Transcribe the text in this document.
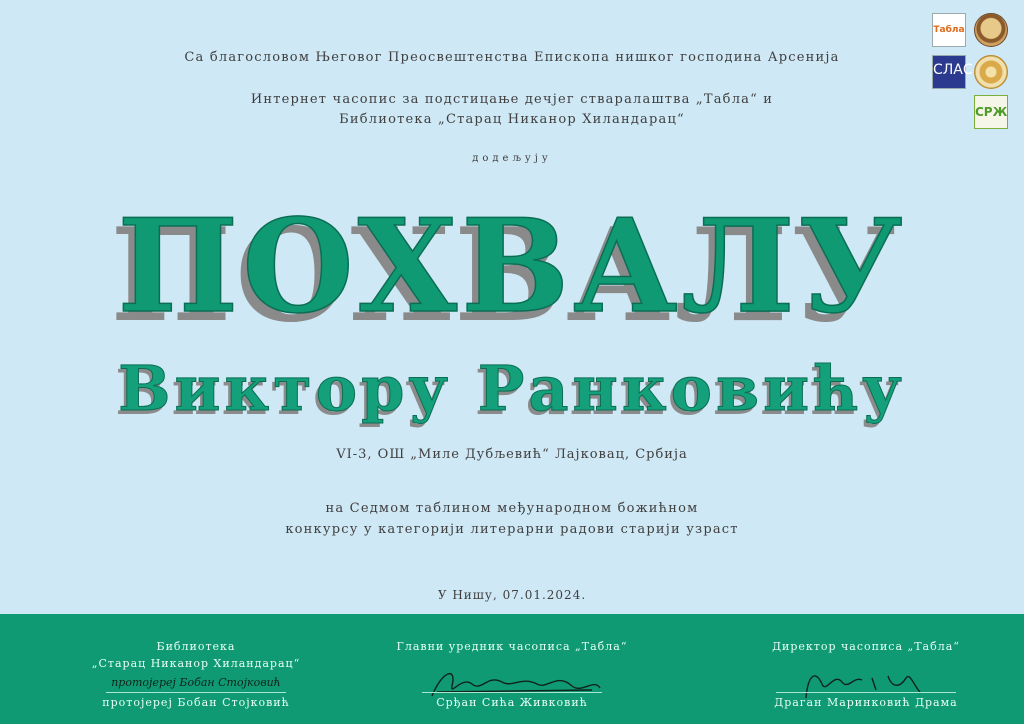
Табла
СЛАС
СРЖ
Са благословом Његовог Преосвештенства Епископа нишког господина Арсенија
Интернет часопис за подстицање дечјег стваралаштва „Табла“ и
Библиотека „Старац Никанор Хиландарац“
додељују
ПОХВАЛУ
Виктору Ранковићу
VI-3, ОШ „Миле Дубљевић“ Лајковац, Србија
на Седмом таблином међународном божићном
конкурсу у категорији литерарни радови старији узраст
У Нишу, 07.01.2024.
Библиотека
„Старац Никанор Хиландарац“
протојереј Бобан Стојковић
протојереј Бобан Стојковић
Главни уредник часописа „Табла“
Срђан Сића Живковић
Директор часописа „Табла“
Драган Маринковић Драма
